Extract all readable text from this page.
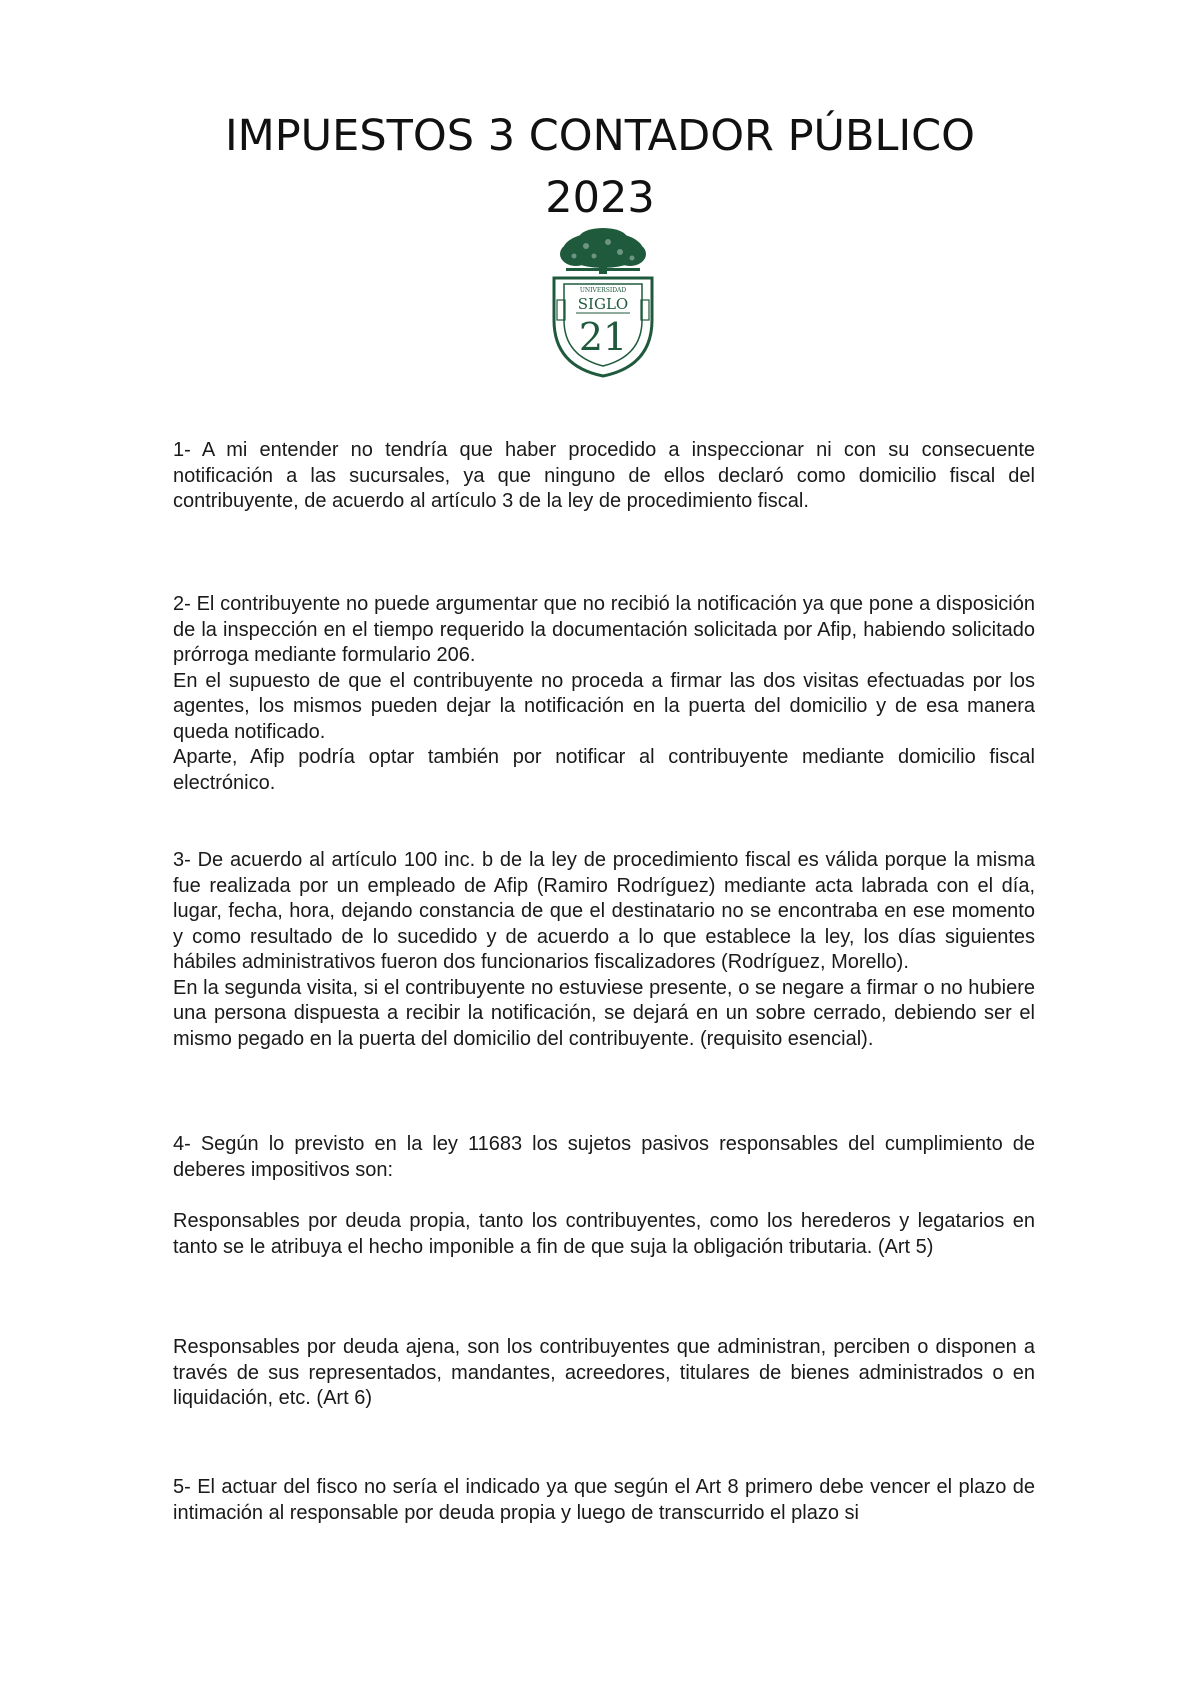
IMPUESTOS 3 CONTADOR PÚBLICO
2023
UNIVERSIDAD
SIGLO
21

1- A mi entender no tendría que haber procedido a inspeccionar ni con su consecuente notificación a las sucursales, ya que ninguno de ellos declaró como domicilio fiscal del contribuyente, de acuerdo al artículo 3 de la ley de procedimiento fiscal.

2- El contribuyente no puede argumentar que no recibió la notificación ya que pone a disposición de la inspección en el tiempo requerido la documentación solicitada por Afip, habiendo solicitado prórroga mediante formulario 206.

En el supuesto de que el contribuyente no proceda a firmar las dos visitas efectuadas por los agentes, los mismos pueden dejar la notificación en la puerta del domicilio y de esa manera queda notificado.

Aparte, Afip podría optar también por notificar al contribuyente mediante domicilio fiscal electrónico.

3- De acuerdo al artículo 100 inc. b de la ley de procedimiento fiscal es válida porque la misma fue realizada por un empleado de Afip (Ramiro Rodríguez) mediante acta labrada con el día, lugar, fecha, hora, dejando constancia de que el destinatario no se encontraba en ese momento y como resultado de lo sucedido y de acuerdo a lo que establece la ley, los días siguientes hábiles administrativos fueron dos funcionarios fiscalizadores (Rodríguez, Morello).

En la segunda visita, si el contribuyente no estuviese presente, o se negare a firmar o no hubiere una persona dispuesta a recibir la notificación, se dejará en un sobre cerrado, debiendo ser el mismo pegado en la puerta del domicilio del contribuyente. (requisito esencial).

4- Según lo previsto en la ley 11683 los sujetos pasivos responsables del cumplimiento de deberes impositivos son:

Responsables por deuda propia, tanto los contribuyentes, como los herederos y legatarios en tanto se le atribuya el hecho imponible a fin de que suja la obligación tributaria. (Art 5)

Responsables por deuda ajena, son los contribuyentes que administran, perciben o disponen a través de sus representados, mandantes, acreedores, titulares de bienes administrados o en liquidación, etc. (Art 6)

5- El actuar del fisco no sería el indicado ya que según el Art 8 primero debe vencer el plazo de intimación al responsable por deuda propia y luego de transcurrido el plazo si
